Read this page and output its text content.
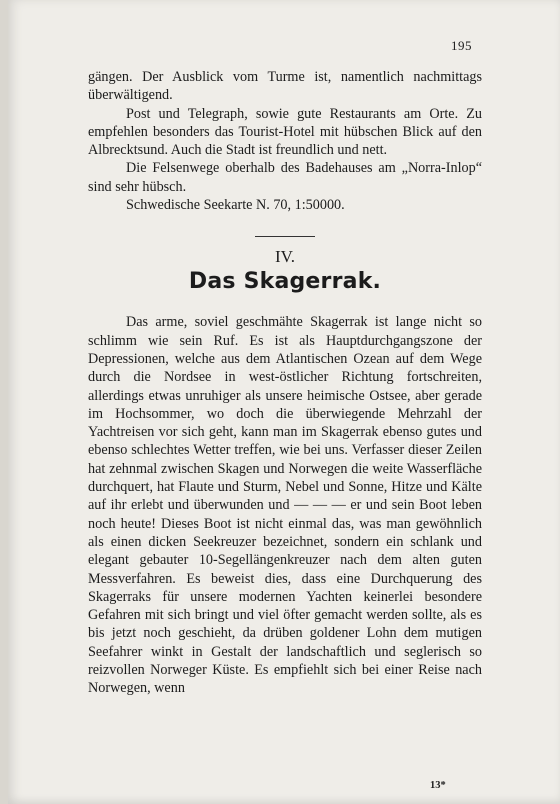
195

gängen. Der Ausblick vom Turme ist, namentlich nachmittags überwältigend.

Post und Telegraph, sowie gute Restaurants am Orte. Zu empfehlen besonders das Tourist-Hotel mit hübschen Blick auf den Albrecktsund. Auch die Stadt ist freundlich und nett.

Die Felsenwege oberhalb des Badehauses am „Norra-Inlop“ sind sehr hübsch.

Schwedische Seekarte N. 70, 1:50000.

IV.

Das Skagerrak.

Das arme, soviel geschmähte Skagerrak ist lange nicht so schlimm wie sein Ruf. Es ist als Hauptdurchgangszone der Depressionen, welche aus dem Atlantischen Ozean auf dem Wege durch die Nordsee in west-östlicher Richtung fortschreiten, allerdings etwas unruhiger als unsere heimische Ostsee, aber gerade im Hochsommer, wo doch die überwiegende Mehrzahl der Yachtreisen vor sich geht, kann man im Skagerrak ebenso gutes und ebenso schlechtes Wetter treffen, wie bei uns. Verfasser dieser Zeilen hat zehnmal zwischen Skagen und Norwegen die weite Wasserfläche durchquert, hat Flaute und Sturm, Nebel und Sonne, Hitze und Kälte auf ihr erlebt und überwunden und — — — er und sein Boot leben noch heute! Dieses Boot ist nicht einmal das, was man gewöhnlich als einen dicken Seekreuzer bezeichnet, sondern ein schlank und elegant gebauter 10-Segellängenkreuzer nach dem alten guten Messverfahren. Es beweist dies, dass eine Durchquerung des Skagerraks für unsere modernen Yachten keinerlei besondere Gefahren mit sich bringt und viel öfter gemacht werden sollte, als es bis jetzt noch geschieht, da drüben goldener Lohn dem mutigen Seefahrer winkt in Gestalt der landschaftlich und seglerisch so reizvollen Norweger Küste. Es empfiehlt sich bei einer Reise nach Norwegen, wenn

13*
